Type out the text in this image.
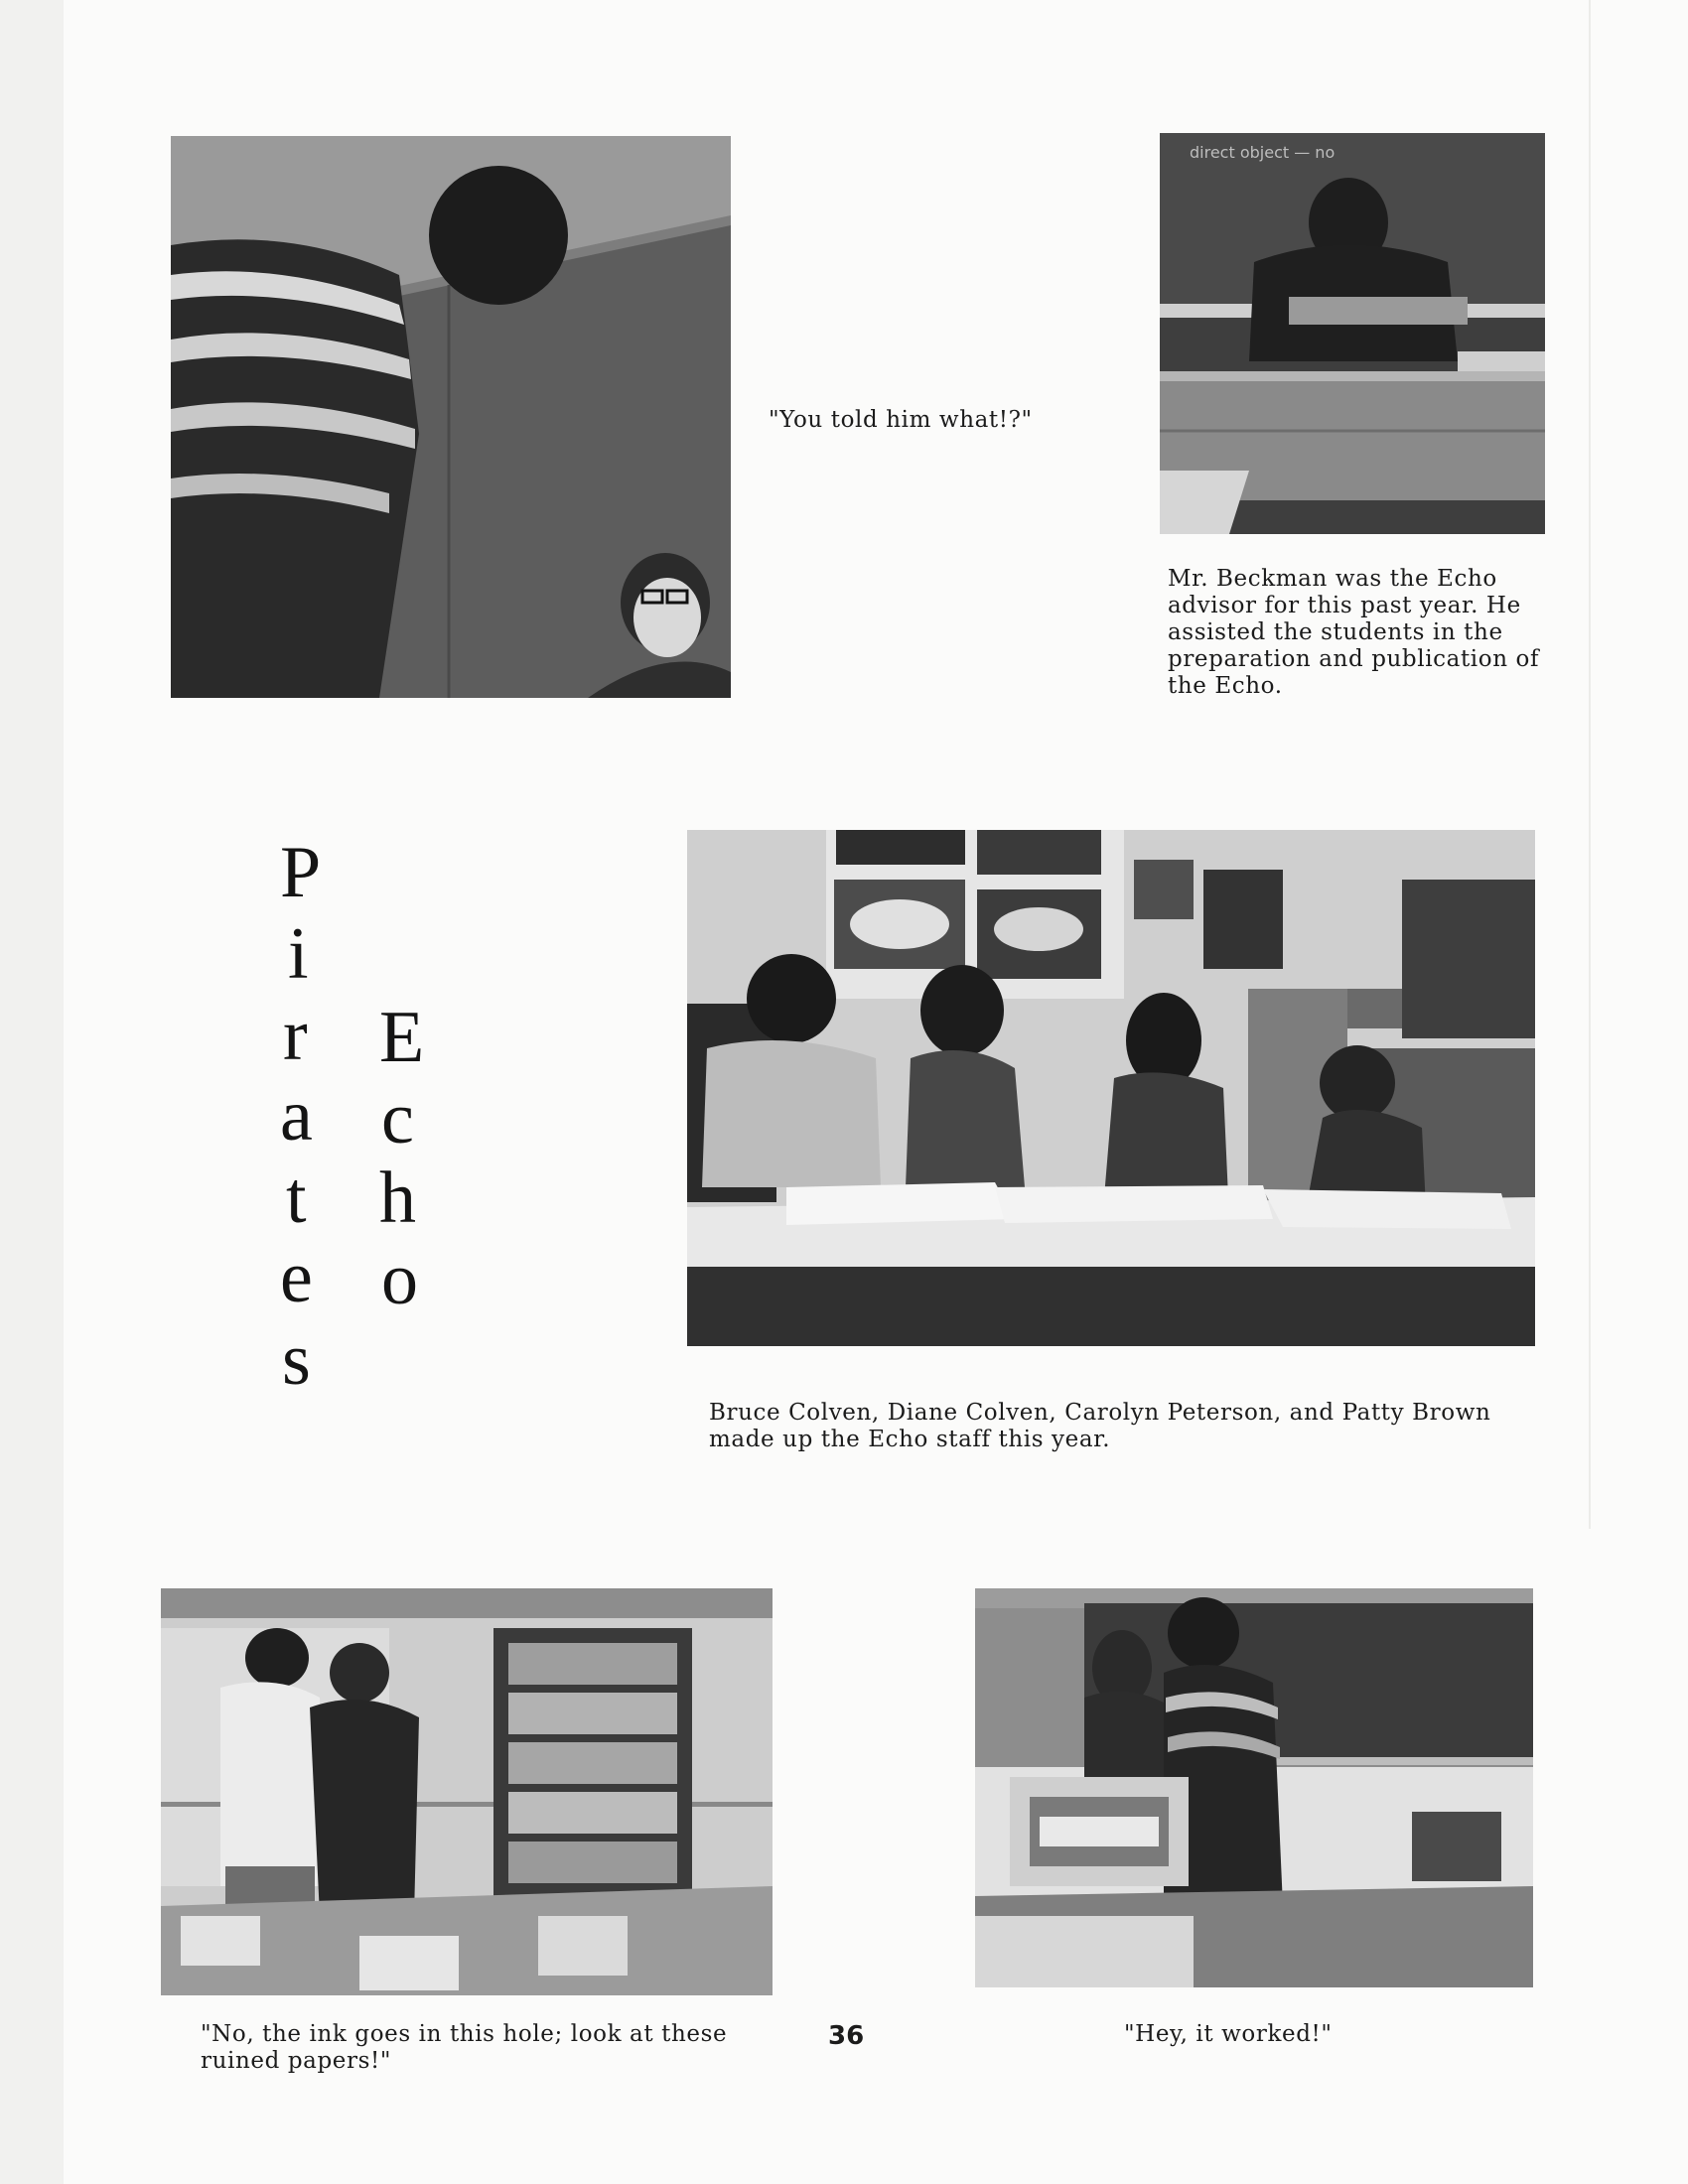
"You told him what!?"
direct object — no
Mr. Beckman was the Echo advisor for this past year. He assisted the students in the preparation and publication of the Echo.
P
i
r
a
t
e
s
E
c
h
o
Bruce Colven, Diane Colven, Carolyn Peterson, and Patty Brown made up the Echo staff this year.
"No, the ink goes in this hole; look at these ruined papers!"
36	"Hey, it worked!"
